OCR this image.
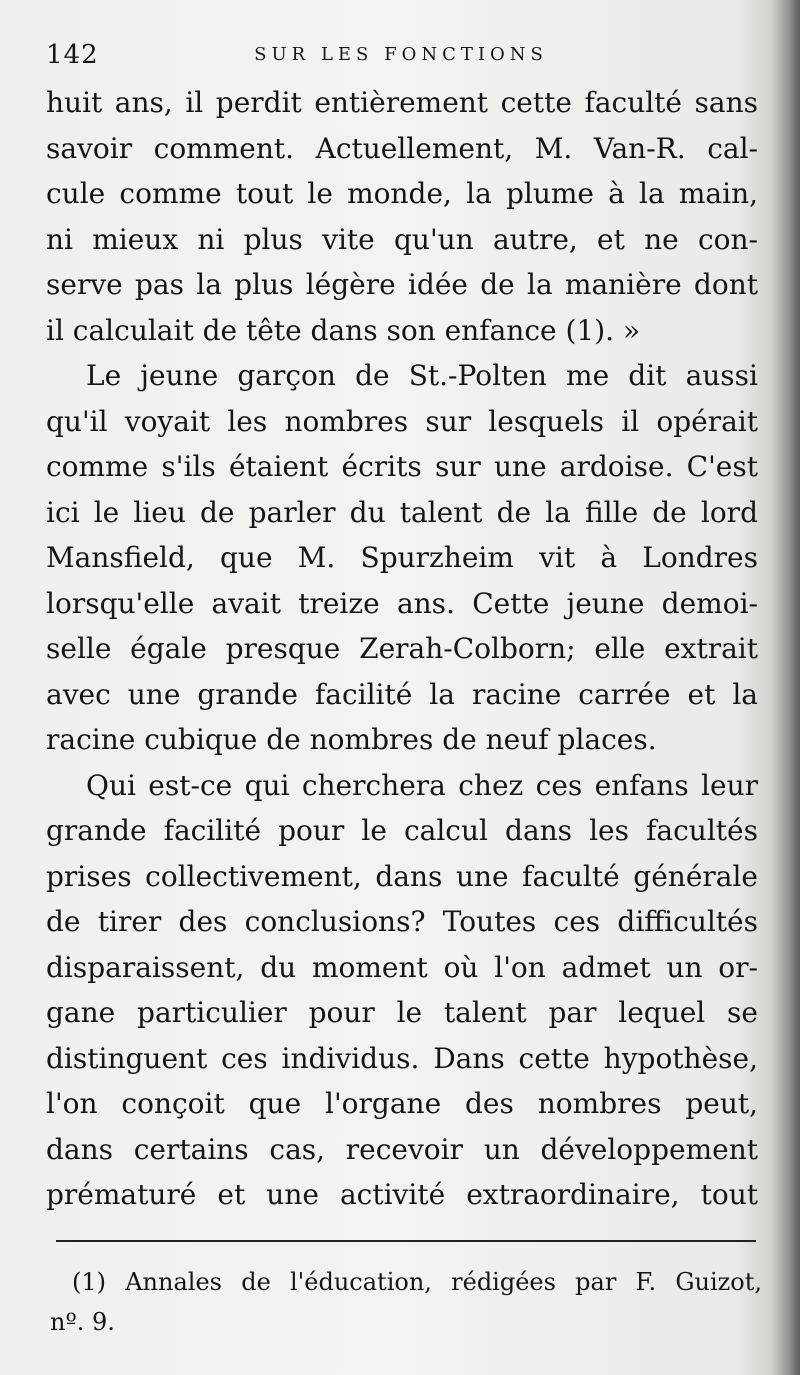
142	SUR LES FONCTIONS
huit ans, il perdit entièrement cette faculté sans
savoir comment. Actuellement, M. Van-R. cal-
cule comme tout le monde, la plume à la main,
ni mieux ni plus vite qu'un autre, et ne con-
serve pas la plus légère idée de la manière dont
il calculait de tête dans son enfance (1). »
Le jeune garçon de St.-Polten me dit aussi
qu'il voyait les nombres sur lesquels il opérait
comme s'ils étaient écrits sur une ardoise. C'est
ici le lieu de parler du talent de la fille de lord
Mansfield, que M. Spurzheim vit à Londres
lorsqu'elle avait treize ans. Cette jeune demoi-
selle égale presque Zerah-Colborn; elle extrait
avec une grande facilité la racine carrée et la
racine cubique de nombres de neuf places.
Qui est-ce qui cherchera chez ces enfans leur
grande facilité pour le calcul dans les facultés
prises collectivement, dans une faculté générale
de tirer des conclusions? Toutes ces difficultés
disparaissent, du moment où l'on admet un or-
gane particulier pour le talent par lequel se
distinguent ces individus. Dans cette hypothèse,
l'on conçoit que l'organe des nombres peut,
dans certains cas, recevoir un développement
prématuré et une activité extraordinaire, tout
(1) Annales de l'éducation, rédigées par F. Guizot,
nº. 9.
